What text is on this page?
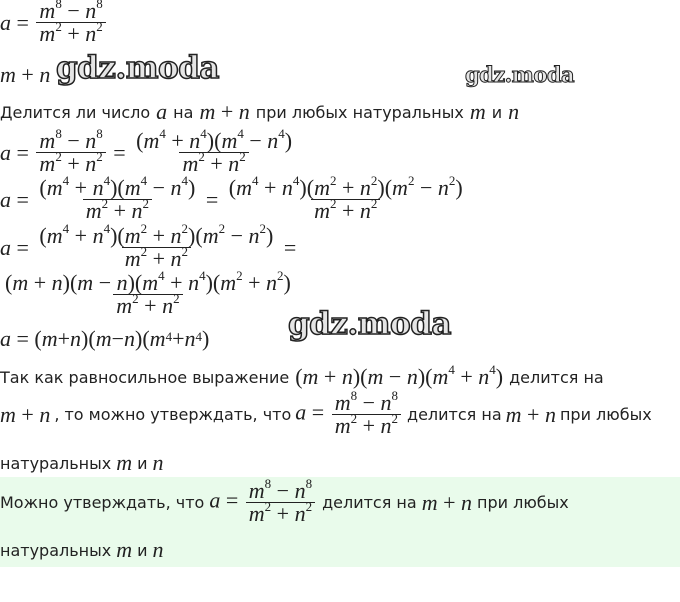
gdz.moda	gdz.moda
gdz.moda
$a = \frac{m^8 - n^8}{m^2 + n^2}$
m + n
Делится ли число a на m + n при любых натуральных m и n
$a = \frac{m^8 - n^8}{m^2 + n^2} = \frac{(m^4 + n^4)(m^4 - n^4)}{m^2 + n^2}$
$a = \frac{(m^4 + n^4)(m^4 - n^4)}{m^2 + n^2} = \frac{(m^4 + n^4)(m^2 + n^2)(m^2 - n^2)}{m^2 + n^2}$
$a = \frac{(m^4 + n^4)(m^2 + n^2)(m^2 - n^2)}{m^2 + n^2}$ =
$\frac{(m + n)(m - n)(m^4 + n^4)(m^2 + n^2)}{m^2 + n^2}$
a = ( m + n )( m − n )( $m^4 + n^4$ )
Так как равносильное выражение $(m + n)(m - n)(m^4 + n^4)$ делится на
m + n , то можно утверждать, что $a = \frac{m^8 - n^8}{m^2 + n^2}$ делится на m + n при любых
натуральных m и n
Можно утверждать, что $a = \frac{m^8 - n^8}{m^2 + n^2}$ делится на m + n при любых
натуральных m и n
